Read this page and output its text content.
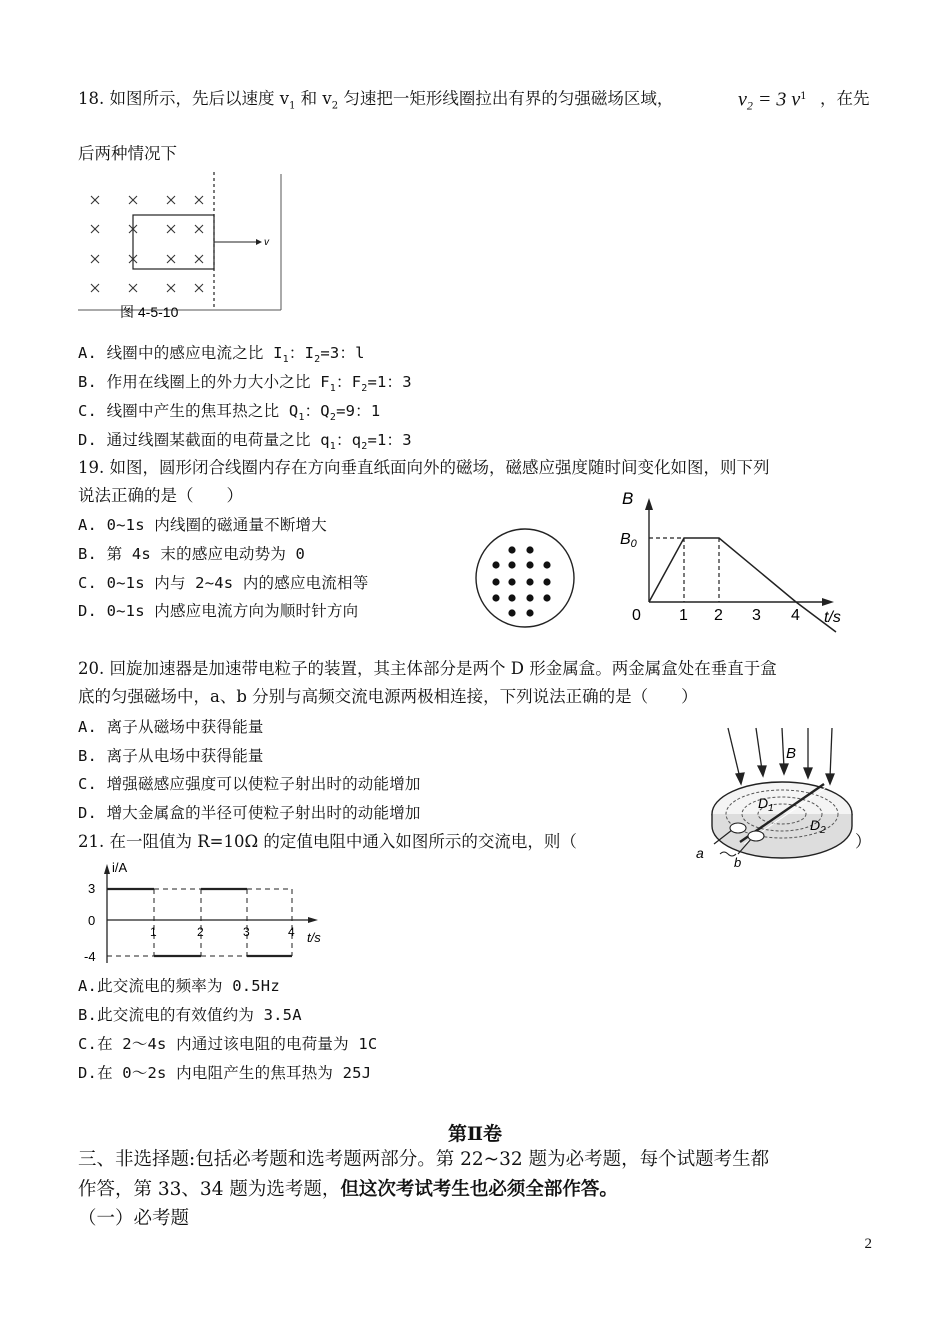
18. 如图所示，先后以速度 $v_1$ 和 $v_2$ 匀速把一矩形线圈拉出有界的匀强磁场区域，	$v_2 = 3$ $v^1$ ，在先
后两种情况下
v
图 4-5-10
A. 线圈中的感应电流之比 $I_1$：$I_2=3$：l
B. 作用在线圈上的外力大小之比 $F_1$：$F_2=1$：3
C. 线圈中产生的焦耳热之比 $Q_1$：$Q_2=9$：1
D. 通过线圈某截面的电荷量之比 $q_1$：$q_2=1$：3
19. 如图，圆形闭合线圈内存在方向垂直纸面向外的磁场，磁感应强度随时间变化如图，则下列
说法正确的是（　　）
A. 0~1s 内线圈的磁通量不断增大
B. 第 4s 末的感应电动势为 0
C. 0~1s 内与 2~4s 内的感应电流相等
D. 0~1s 内感应电流方向为顺时针方向
B
B0
0 1 2 3 4 t/s
20. 回旋加速器是加速带电粒子的装置，其主体部分是两个 D 形金属盒。两金属盒处在垂直于盒
底的匀强磁场中，a、b 分别与高频交流电源两极相连接，下列说法正确的是（　　）
A. 离子从磁场中获得能量
B. 离子从电场中获得能量
C. 增强磁感应强度可以使粒子射出时的动能增加
D. 增大金属盒的半径可使粒子射出时的动能增加
B
$D_1$
$D_2$
a
b
21. 在一阻值为 R=10Ω 的定值电阻中通入如图所示的交流电，则（	）
i/A
t/s
3
0
-4
1	2	3	4
A.此交流电的频率为 0.5Hz
B.此交流电的有效值约为 3.5A
C.在 2～4s 内通过该电阻的电荷量为 1C
D.在 0～2s 内电阻产生的焦耳热为 25J
第Ⅱ卷
三、非选择题:包括必考题和选考题两部分。第 22~32 题为必考题，每个试题考生都
作答，第 33、34 题为选考题，但这次考试考生也必须全部作答。
（一）必考题
2
